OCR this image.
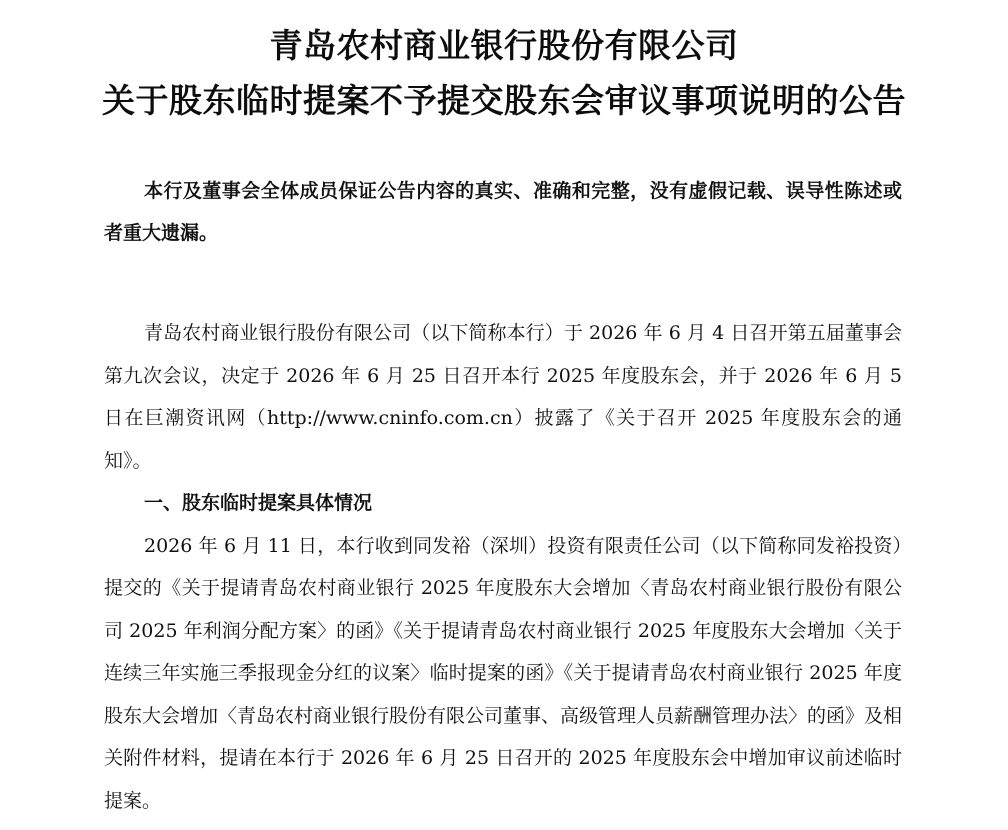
青岛农村商业银行股份有限公司
关于股东临时提案不予提交股东会审议事项说明的公告
本行及董事会全体成员保证公告内容的真实、准确和完整，没有虚假记载、误导性陈述或者重大遗漏。

青岛农村商业银行股份有限公司（以下简称本行）于 2026 年 6 月 4 日召开第五届董事会第九次会议，决定于 2026 年 6 月 25 日召开本行 2025 年度股东会，并于 2026 年 6 月 5 日在巨潮资讯网（http://www.cninfo.com.cn）披露了《关于召开 2025 年度股东会的通知》。

一、股东临时提案具体情况

2026 年 6 月 11 日，本行收到同发裕（深圳）投资有限责任公司（以下简称同发裕投资）提交的《关于提请青岛农村商业银行 2025 年度股东大会增加〈青岛农村商业银行股份有限公司 2025 年利润分配方案〉的函》《关于提请青岛农村商业银行 2025 年度股东大会增加〈关于连续三年实施三季报现金分红的议案〉临时提案的函》《关于提请青岛农村商业银行 2025 年度股东大会增加〈青岛农村商业银行股份有限公司董事、高级管理人员薪酬管理办法〉的函》及相关附件材料，提请在本行于 2026 年 6 月 25 日召开的 2025 年度股东会中增加审议前述临时提案。
